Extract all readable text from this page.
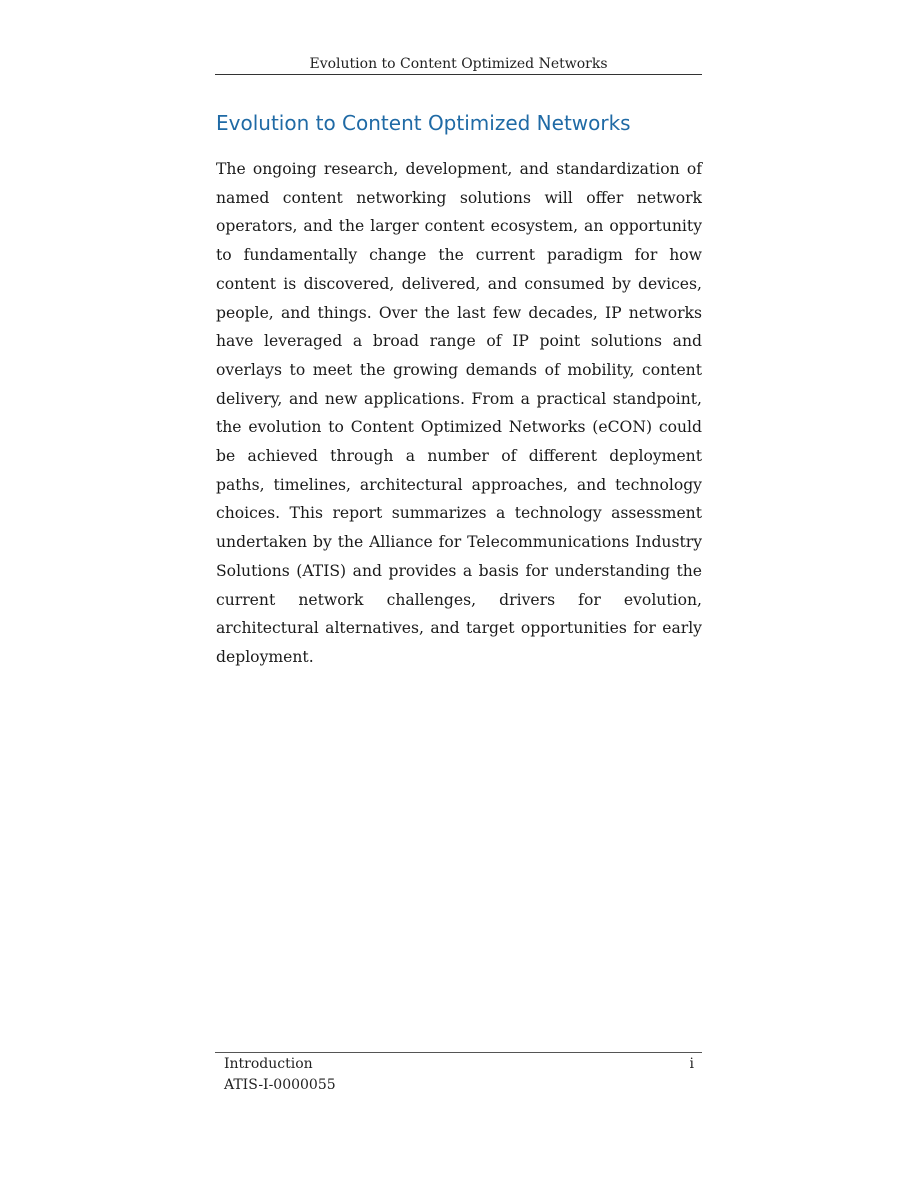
Evolution to Content Optimized Networks
Evolution to Content Optimized Networks

The ongoing research, development, and standardization of named content networking solutions will offer network operators, and the larger content ecosystem, an opportunity to fundamentally change the current paradigm for how content is discovered, delivered, and consumed by devices, people, and things. Over the last few decades, IP networks have leveraged a broad range of IP point solutions and overlays to meet the growing demands of mobility, content delivery, and new applications. From a practical standpoint, the evolution to Content Optimized Networks (eCON) could be achieved through a number of different deployment paths, timelines, architectural approaches, and technology choices. This report summarizes a technology assessment undertaken by the Alliance for Telecommunications Industry Solutions (ATIS) and provides a basis for understanding the current network challenges, drivers for evolution, architectural alternatives, and target opportunities for early deployment.

Introduction
ATIS-I-0000055
i
